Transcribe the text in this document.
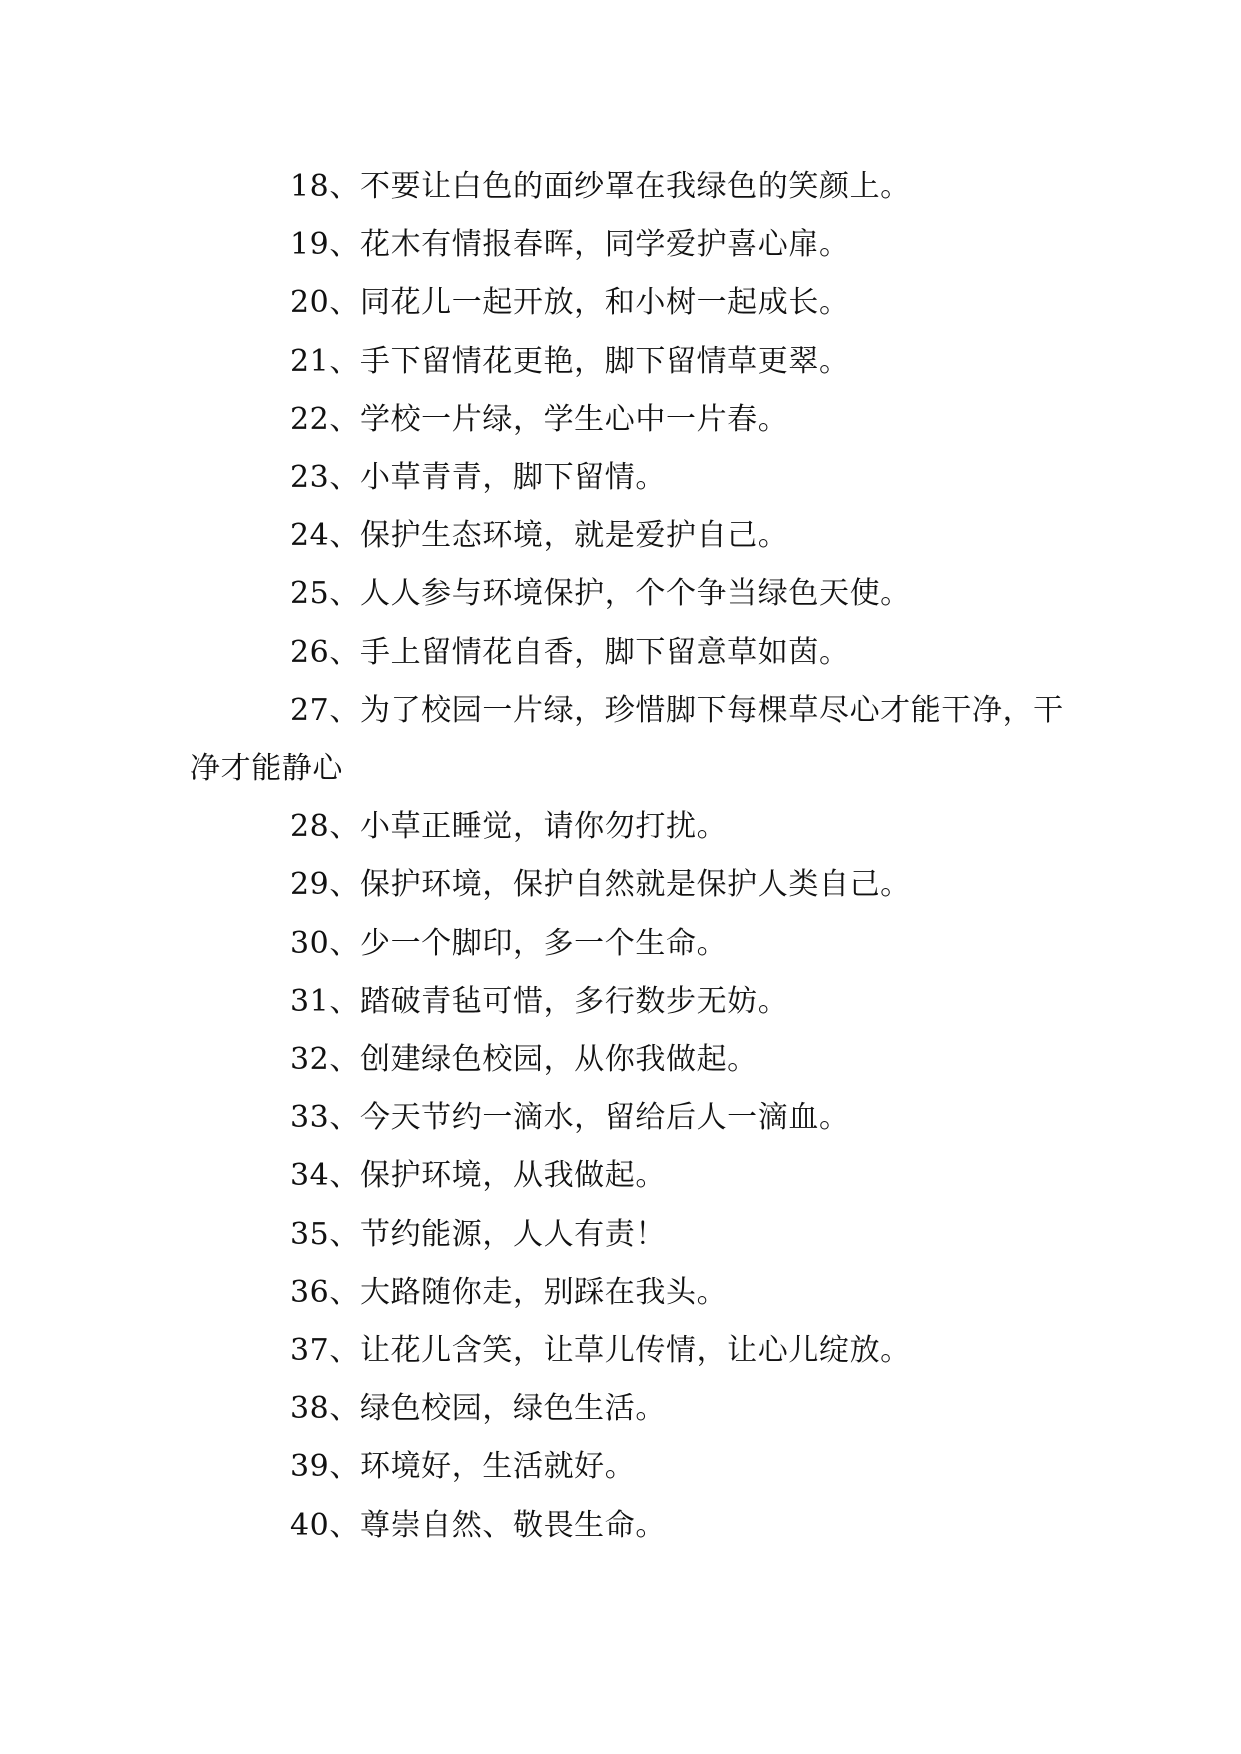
18、不要让白色的面纱罩在我绿色的笑颜上。

19、花木有情报春晖，同学爱护喜心扉。

20、同花儿一起开放，和小树一起成长。

21、手下留情花更艳，脚下留情草更翠。

22、学校一片绿，学生心中一片春。

23、小草青青，脚下留情。

24、保护生态环境，就是爱护自己。

25、人人参与环境保护，个个争当绿色天使。

26、手上留情花自香，脚下留意草如茵。

27、为了校园一片绿，珍惜脚下每棵草尽心才能干净，干净才能静心

28、小草正睡觉，请你勿打扰。

29、保护环境，保护自然就是保护人类自己。

30、少一个脚印，多一个生命。

31、踏破青毡可惜，多行数步无妨。

32、创建绿色校园，从你我做起。

33、今天节约一滴水，留给后人一滴血。

34、保护环境，从我做起。

35、节约能源，人人有责！

36、大路随你走，别踩在我头。

37、让花儿含笑，让草儿传情，让心儿绽放。

38、绿色校园，绿色生活。

39、环境好，生活就好。

40、尊崇自然、敬畏生命。
